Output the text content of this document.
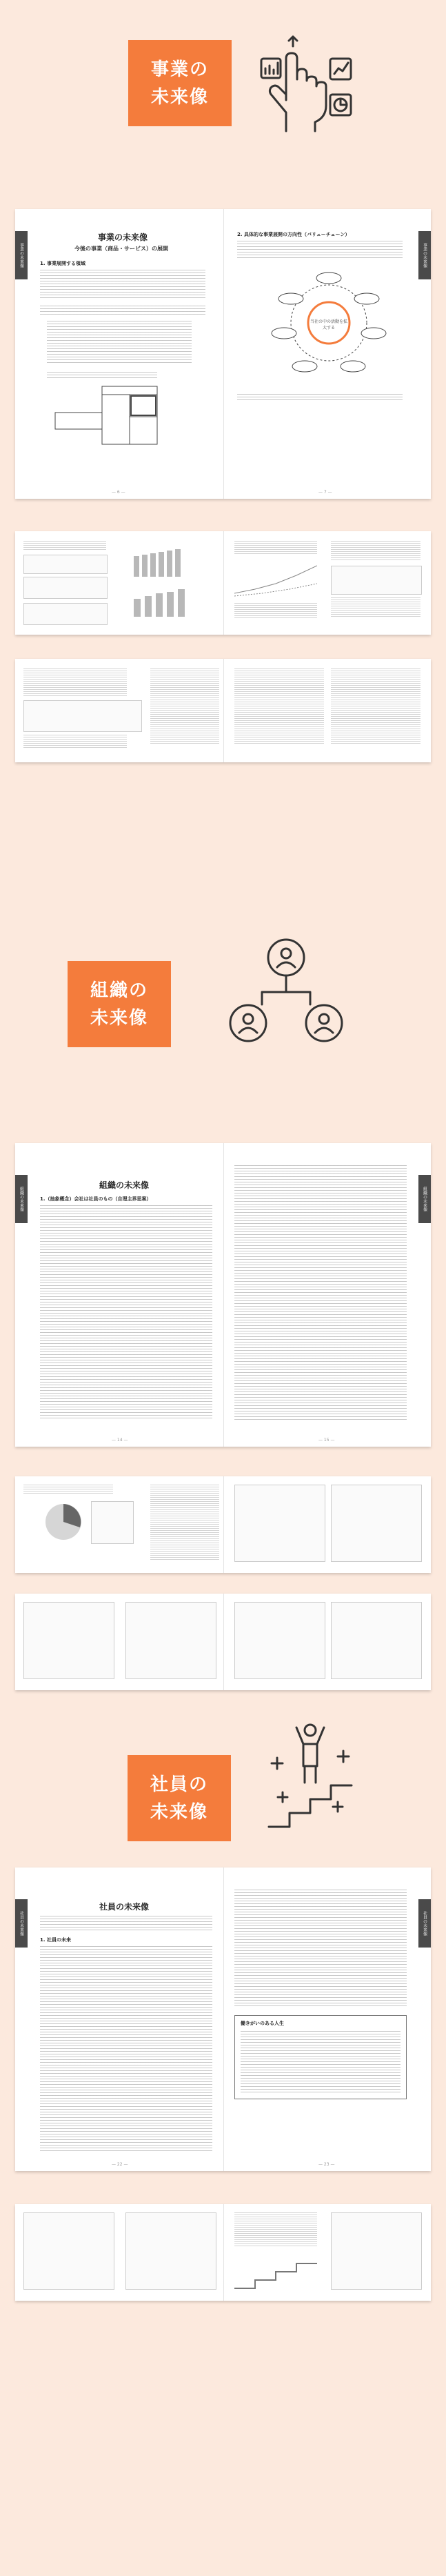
事業の
未来像
事業の未来像	事業の未来像
事業の未来像
今後の事業（商品・サービス）の展開
1. 事業展開する領域
— 6 —
2. 具体的な事業展開の方向性（バリューチェーン）
当社の中の活動を拡大する
— 7 —
組織の
未来像
組織の未来像	組織の未来像
組織の未来像
1.（抽象概念）会社は社員のもの（自理主界思案）
— 14 —	— 15 —
社員の
未来像
社員の未来像	社員の未来像
社員の未来像
1. 社員の未来
— 22 —
働きがいのある人生
— 23 —
